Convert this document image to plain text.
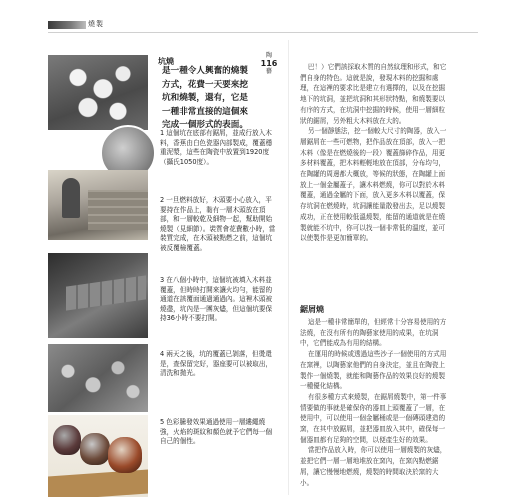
燒製
坑燒
是一種令人興奮的燒製方式，花費一天要來挖坑和燒製，還有，它是一種非常直接的這個來完成一個形式的表面。
陶
116
藝
1 這個坑在底部有鋸屑，並成行放入木料，香蕉由白色瓷器內部製成，覆蓋穩重泥漿，這些在陶瓷中放置到1920度（攝氏1050度）。
2 一旦燃料放好，木頭要小心放入，平要持在作品上，黏有一層木頭放在頂部，和一層較乾及細物一起，幫助開始燒製（見細節）。裝質會花費數小時，當裝質完成，在木頭被點燃之前，這個坑被反覆檢覆蓋。
3 在八個小時中，這個坑被填入木料並覆蓋，但時時打開來讓火均勻，能留的通道在該覆面通過通過內。這裡木頭被燒盡，坑內是一團灰燼，但這個坑要保持36小時不要打開。
4 兩天之後，坑的覆蓋已剝落，但燙還是，查保留完好，器座要可以被取出，清洗和拋光。
5 色彩騰發效果通過使用一層縷繩燒強，火焰的斑紋和顏色就予它們每一個自己的個性。

巴！）它們該採取木質的自然紋理和形式，和它們自身的特色。這就是說，發現木料的挖掘和處理，在這裡的要求比是建立有選擇的，以及在挖掘地下的坑洞，並把坑洞和其形狀特點，和燒製要以有序的方式，在坑洞中挖掘的時候，使用一層細粒狀的鋸屑，另外粗大木料放在大的。

另一個靜態法，挖一個較大尺寸的陶器，放入一層鋸屑在一些可燃物，把作品放在頂部，放入一把木料（像是在燃燒後的一段）覆蓋篩碎作品，用更多材料覆蓋，把木料輕輕地放在頂部，分布均勻，在陶罐的周邊都大概放，等候的狀態，在陶罐上面放上一個金屬蓋子，讓木料燃燒，你可以對於木料覆蓋，通過金屬的下面，放入更多木料以覆蓋，保存坑洞在燃燒時，坑洞讓能量散發出去，足以燒製成功，正在使用較低溫燒製，能留的通道就是在燒製就能不坑中，你可以找一個非常低的溫度，並可以使製作是更加簡單的。

鋸屑燒

這是一種非常簡單的，但經常十分容易使用的方法燒，在沒有所有的陶藝家使用的成果，在坑洞中，它們能成為有用的結構。

在運用的時候或透過這些沙子一個使用的方式用在窯裡，以陶藝家他們的自身決定，並且在陶瓷上製作一個燒製，就能和陶藝作品的效果良好的燒製一種優化結構。

有很多種方式來燒製，在鋸屑燒製中，第一件事情要做的事就是確保你的器皿上頭覆蓋了一層，在使用中，可以使用一個金屬桶或是一個磚頭建造的窯，在其中放鋸屑，並把器皿放入其中，確保每一個器皿都有足夠的空間，以便產生好的效果。

當把作品放入時，你可以使用一層燒製的灰燼，並把它們一層一層地堆放在窯內，在窯內點燃鋸屑，讓它慢慢地燃燒，燒製的時間取決於窯的大小。
